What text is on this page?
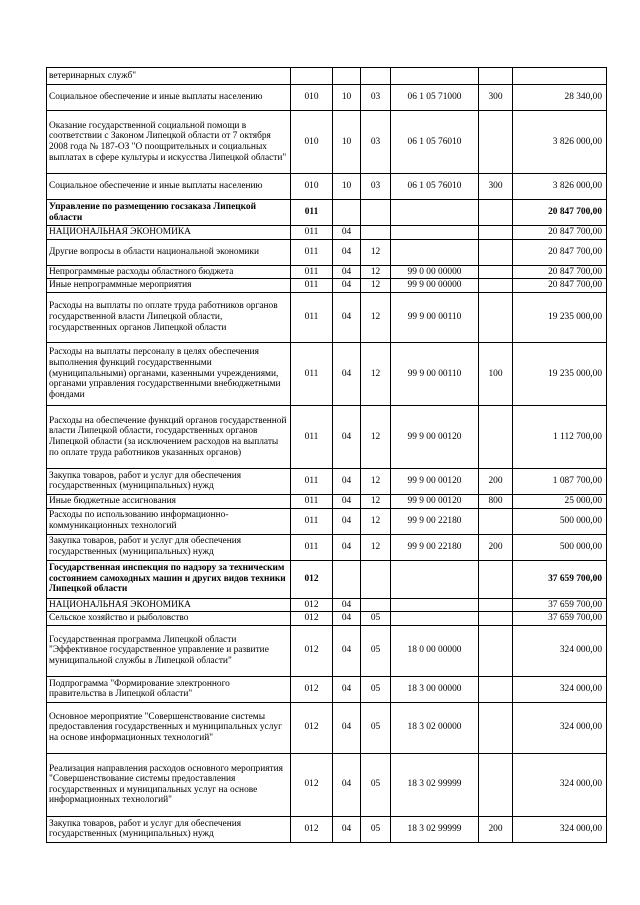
ветеринарных служб"						
Социальное обеспечение и иные выплаты населению	010	10	03	06 1 05 71000	300	28 340,00
Оказание государственной социальной помощи в соответствии с Законом Липецкой области от 7 октября 2008 года № 187-ОЗ "О поощрительных и социальных выплатах в сфере культуры и искусства Липецкой области"	010	10	03	06 1 05 76010		3 826 000,00
Социальное обеспечение и иные выплаты населению	010	10	03	06 1 05 76010	300	3 826 000,00
Управление по размещению госзаказа Липецкой области	011					20 847 700,00
НАЦИОНАЛЬНАЯ ЭКОНОМИКА	011	04				20 847 700,00
Другие вопросы в области национальной экономики	011	04	12			20 847 700,00
Непрограммные расходы областного бюджета	011	04	12	99 0 00 00000		20 847 700,00
Иные непрограммные мероприятия	011	04	12	99 9 00 00000		20 847 700,00
Расходы на выплаты по оплате труда работников органов государственной власти Липецкой области, государственных органов Липецкой области	011	04	12	99 9 00 00110		19 235 000,00
Расходы на выплаты персоналу в целях обеспечения выполнения функций государственными (муниципальными) органами, казенными учреждениями, органами управления государственными внебюджетными фондами	011	04	12	99 9 00 00110	100	19 235 000,00
Расходы на обеспечение функций органов государственной власти Липецкой области, государственных органов Липецкой области (за исключением расходов на выплаты по оплате труда работников указанных органов)	011	04	12	99 9 00 00120		1 112 700,00
Закупка товаров, работ и услуг для обеспечения государственных (муниципальных) нужд	011	04	12	99 9 00 00120	200	1 087 700,00
Иные бюджетные ассигнования	011	04	12	99 9 00 00120	800	25 000,00
Расходы по использованию информационно-коммуникационных технологий	011	04	12	99 9 00 22180		500 000,00
Закупка товаров, работ и услуг для обеспечения государственных (муниципальных) нужд	011	04	12	99 9 00 22180	200	500 000,00
Государственная инспекция по надзору за техническим состоянием самоходных машин и других видов техники Липецкой области	012					37 659 700,00
НАЦИОНАЛЬНАЯ ЭКОНОМИКА	012	04				37 659 700,00
Сельское хозяйство и рыболовство	012	04	05			37 659 700,00
Государственная программа Липецкой области "Эффективное государственное управление и развитие муниципальной службы в Липецкой области"	012	04	05	18 0 00 00000		324 000,00
Подпрограмма "Формирование электронного правительства в Липецкой области"	012	04	05	18 3 00 00000		324 000,00
Основное мероприятие "Совершенствование системы предоставления государственных и муниципальных услуг на основе информационных технологий"	012	04	05	18 3 02 00000		324 000,00
Реализация направления расходов основного мероприятия "Совершенствование системы предоставления государственных и муниципальных услуг на основе информационных технологий"	012	04	05	18 3 02 99999		324 000,00
Закупка товаров, работ и услуг для обеспечения государственных (муниципальных) нужд	012	04	05	18 3 02 99999	200	324 000,00
